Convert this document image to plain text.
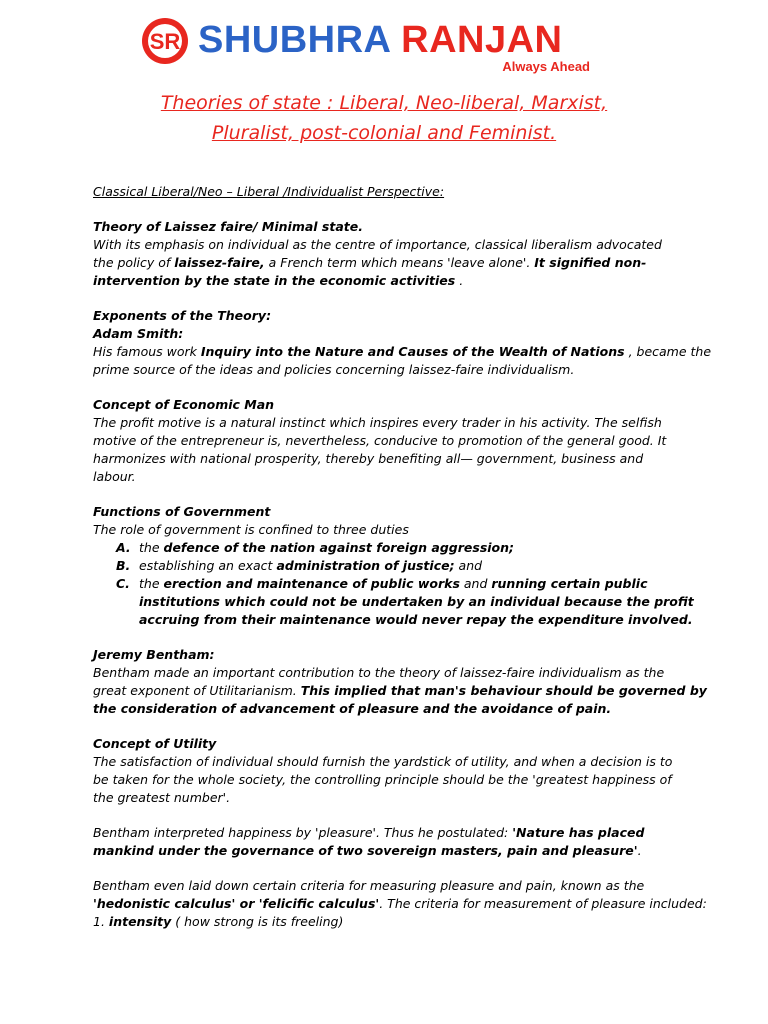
SR SHUBHRA RANJAN
Always Ahead
Theories of state : Liberal, Neo-liberal, Marxist,
Pluralist, post-colonial and Feminist.
Classical Liberal/Neo – Liberal /Individualist Perspective:
Theory of Laissez faire/ Minimal state.
With its emphasis on individual as the centre of importance, classical liberalism advocated
the policy of laissez-faire, a French term which means 'leave alone'. It signified non-
intervention by the state in the economic activities .
Exponents of the Theory:
Adam Smith:
His famous work Inquiry into the Nature and Causes of the Wealth of Nations , became the
prime source of the ideas and policies concerning laissez-faire individualism.
Concept of Economic Man
The profit motive is a natural instinct which inspires every trader in his activity. The selfish
motive of the entrepreneur is, nevertheless, conducive to promotion of the general good. It
harmonizes with national prosperity, thereby benefiting all— government, business and
labour.
Functions of Government
The role of government is confined to three duties
A. the defence of the nation against foreign aggression;
B. establishing an exact administration of justice; and
C. the erection and maintenance of public works and running certain public
institutions which could not be undertaken by an individual because the profit
accruing from their maintenance would never repay the expenditure involved.
Jeremy Bentham:
Bentham made an important contribution to the theory of laissez-faire individualism as the
great exponent of Utilitarianism. This implied that man's behaviour should be governed by
the consideration of advancement of pleasure and the avoidance of pain.
Concept of Utility
The satisfaction of individual should furnish the yardstick of utility, and when a decision is to
be taken for the whole society, the controlling principle should be the 'greatest happiness of
the greatest number'.
Bentham interpreted happiness by 'pleasure'. Thus he postulated: 'Nature has placed
mankind under the governance of two sovereign masters, pain and pleasure'.
Bentham even laid down certain criteria for measuring pleasure and pain, known as the
'hedonistic calculus' or 'felicific calculus'. The criteria for measurement of pleasure included:
1. intensity ( how strong is its freeling)
